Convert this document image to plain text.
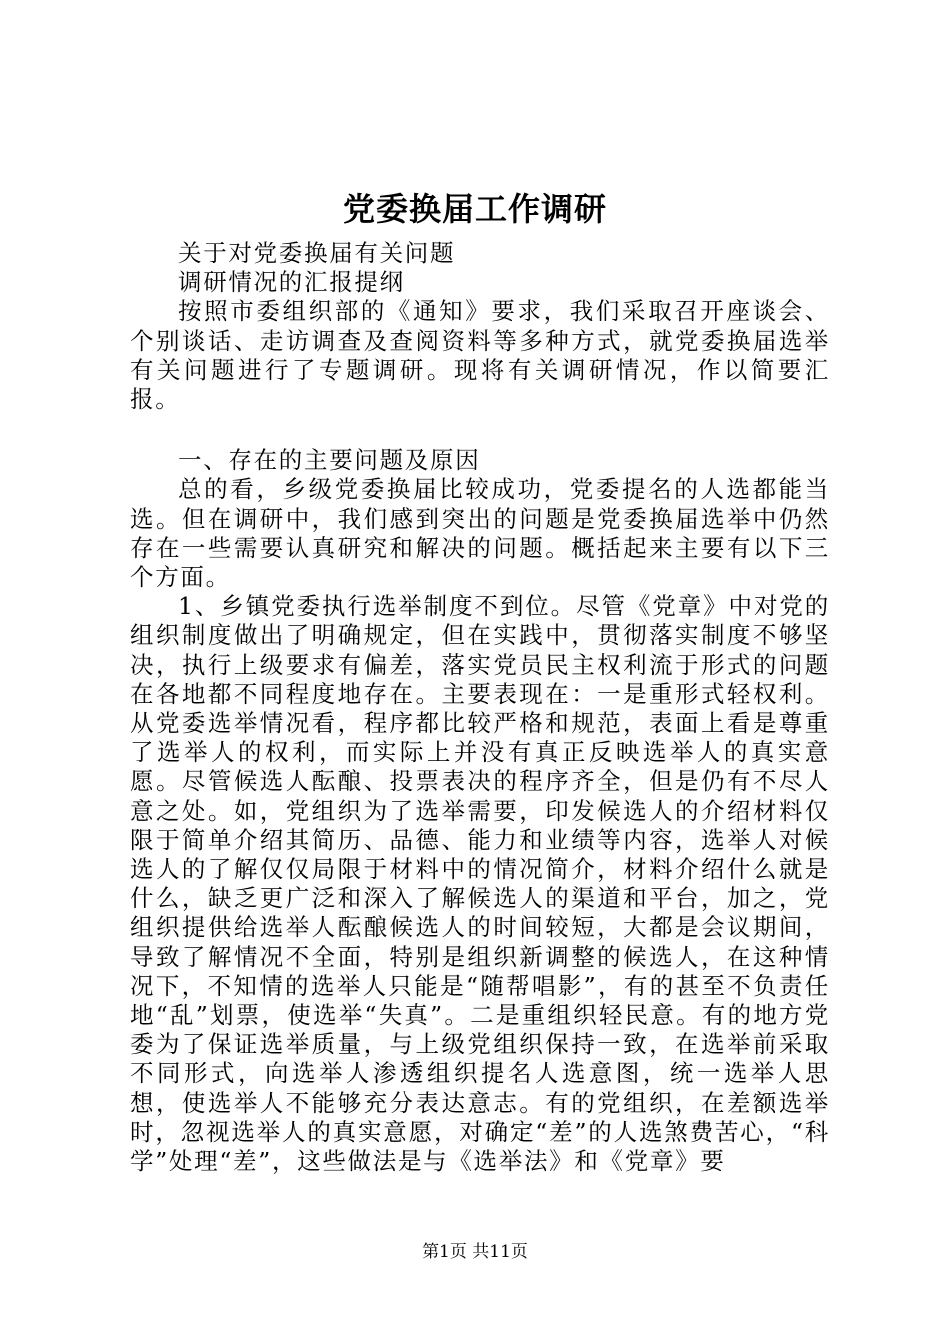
党委换届工作调研

关于对党委换届有关问题

调研情况的汇报提纲

按照市委组织部的《通知》要求，我们采取召开座谈会、个别谈话、走访调查及查阅资料等多种方式，就党委换届选举有关问题进行了专题调研。现将有关调研情况，作以简要汇报。

一、存在的主要问题及原因

总的看，乡级党委换届比较成功，党委提名的人选都能当选。但在调研中，我们感到突出的问题是党委换届选举中仍然存在一些需要认真研究和解决的问题。概括起来主要有以下三个方面。

1、乡镇党委执行选举制度不到位。尽管《党章》中对党的组织制度做出了明确规定，但在实践中，贯彻落实制度不够坚决，执行上级要求有偏差，落实党员民主权利流于形式的问题在各地都不同程度地存在。主要表现在：一是重形式轻权利。从党委选举情况看，程序都比较严格和规范，表面上看是尊重了选举人的权利，而实际上并没有真正反映选举人的真实意愿。尽管候选人酝酿、投票表决的程序齐全，但是仍有不尽人意之处。如，党组织为了选举需要，印发候选人的介绍材料仅限于简单介绍其简历、品德、能力和业绩等内容，选举人对候选人的了解仅仅局限于材料中的情况简介，材料介绍什么就是什么，缺乏更广泛和深入了解候选人的渠道和平台，加之，党组织提供给选举人酝酿候选人的时间较短，大都是会议期间，导致了解情况不全面，特别是组织新调整的候选人，在这种情况下，不知情的选举人只能是“随帮唱影”，有的甚至不负责任地“乱”划票，使选举“失真”。二是重组织轻民意。有的地方党委为了保证选举质量，与上级党组织保持一致，在选举前采取不同形式，向选举人渗透组织提名人选意图，统一选举人思想，使选举人不能够充分表达意志。有的党组织，在差额选举时，忽视选举人的真实意愿，对确定“差”的人选煞费苦心，“科学”处理“差”，这些做法是与《选举法》和《党章》要

第1页 共11页
